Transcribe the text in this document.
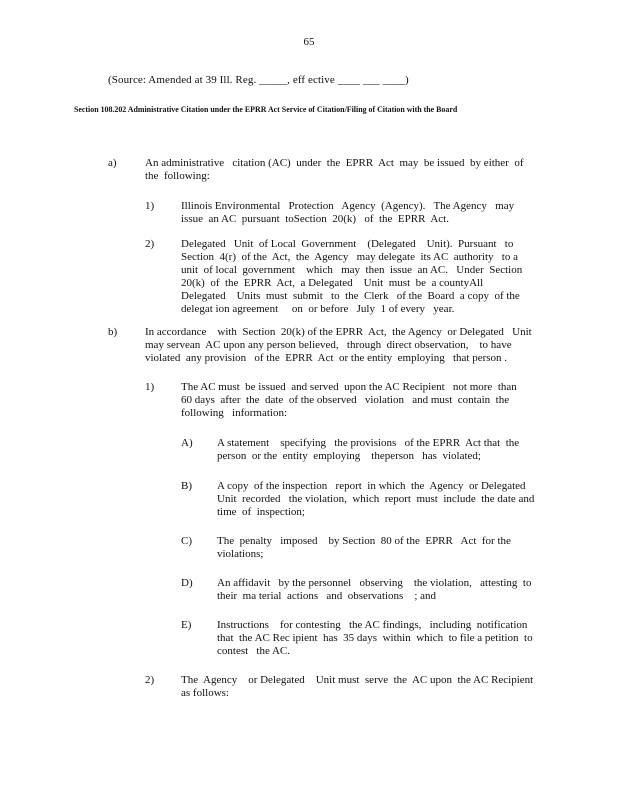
65
(Source: Amended at 39 Ill. Reg. _____, eff ective ____ ___ ____)
Section 108.202 Administrative Citation under the EPRR Act Service of Citation/Filing of Citation with the Board
a)	An administrative   citation (AC)  under  the  EPRR  Act  may  be issued  by either  of
the  following:
1) Illinois Environmental   Protection   Agency  (Agency).   The Agency   may
issue  an AC  pursuant  toSection  20(k)   of  the  EPRR  Act.
2) Delegated   Unit  of Local  Government    (Delegated    Unit).  Pursuant   to
Section  4(r)  of the  Act,  the  Agency   may delegate  its AC  authority   to a
unit  of local  government    which   may  then  issue  an AC.   Under  Section
20(k)  of  the  EPRR  Act,  a Delegated    Unit  must  be  a countyAll
Delegated    Units  must  submit   to  the  Clerk   of the  Board  a copy  of the
delegat ion agreement     on  or before   July  1 of every   year.
b)	In accordance    with  Section  20(k) of the EPRR  Act,  the Agency  or Delegated   Unit
may servean  AC upon any person believed,   through  direct observation,    to have
violated  any provision   of the  EPRR  Act  or the entity  employing   that person .
1) The AC must  be issued  and served  upon the AC Recipient   not more  than
60 days  after  the  date  of the observed   violation   and must  contain  the
following   information:
A) A statement    specifying   the provisions   of the EPRR  Act that  the
person  or the  entity  employing    theperson   has  violated;
B) A copy  of the inspection   report  in which  the  Agency  or Delegated
Unit  recorded   the violation,  which  report  must  include  the date and
time  of  inspection;
C) The  penalty   imposed    by Section  80 of the  EPRR   Act  for the
violations;
D) An affidavit   by the personnel   observing    the violation,   attesting  to
their  ma terial  actions   and  observations    ; and
E) Instructions    for contesting   the AC findings,   including  notification
that  the AC Rec ipient  has  35 days  within  which  to file a petition  to
contest   the AC.
2) The  Agency    or Delegated    Unit must  serve  the  AC upon  the AC Recipient
as follows:
